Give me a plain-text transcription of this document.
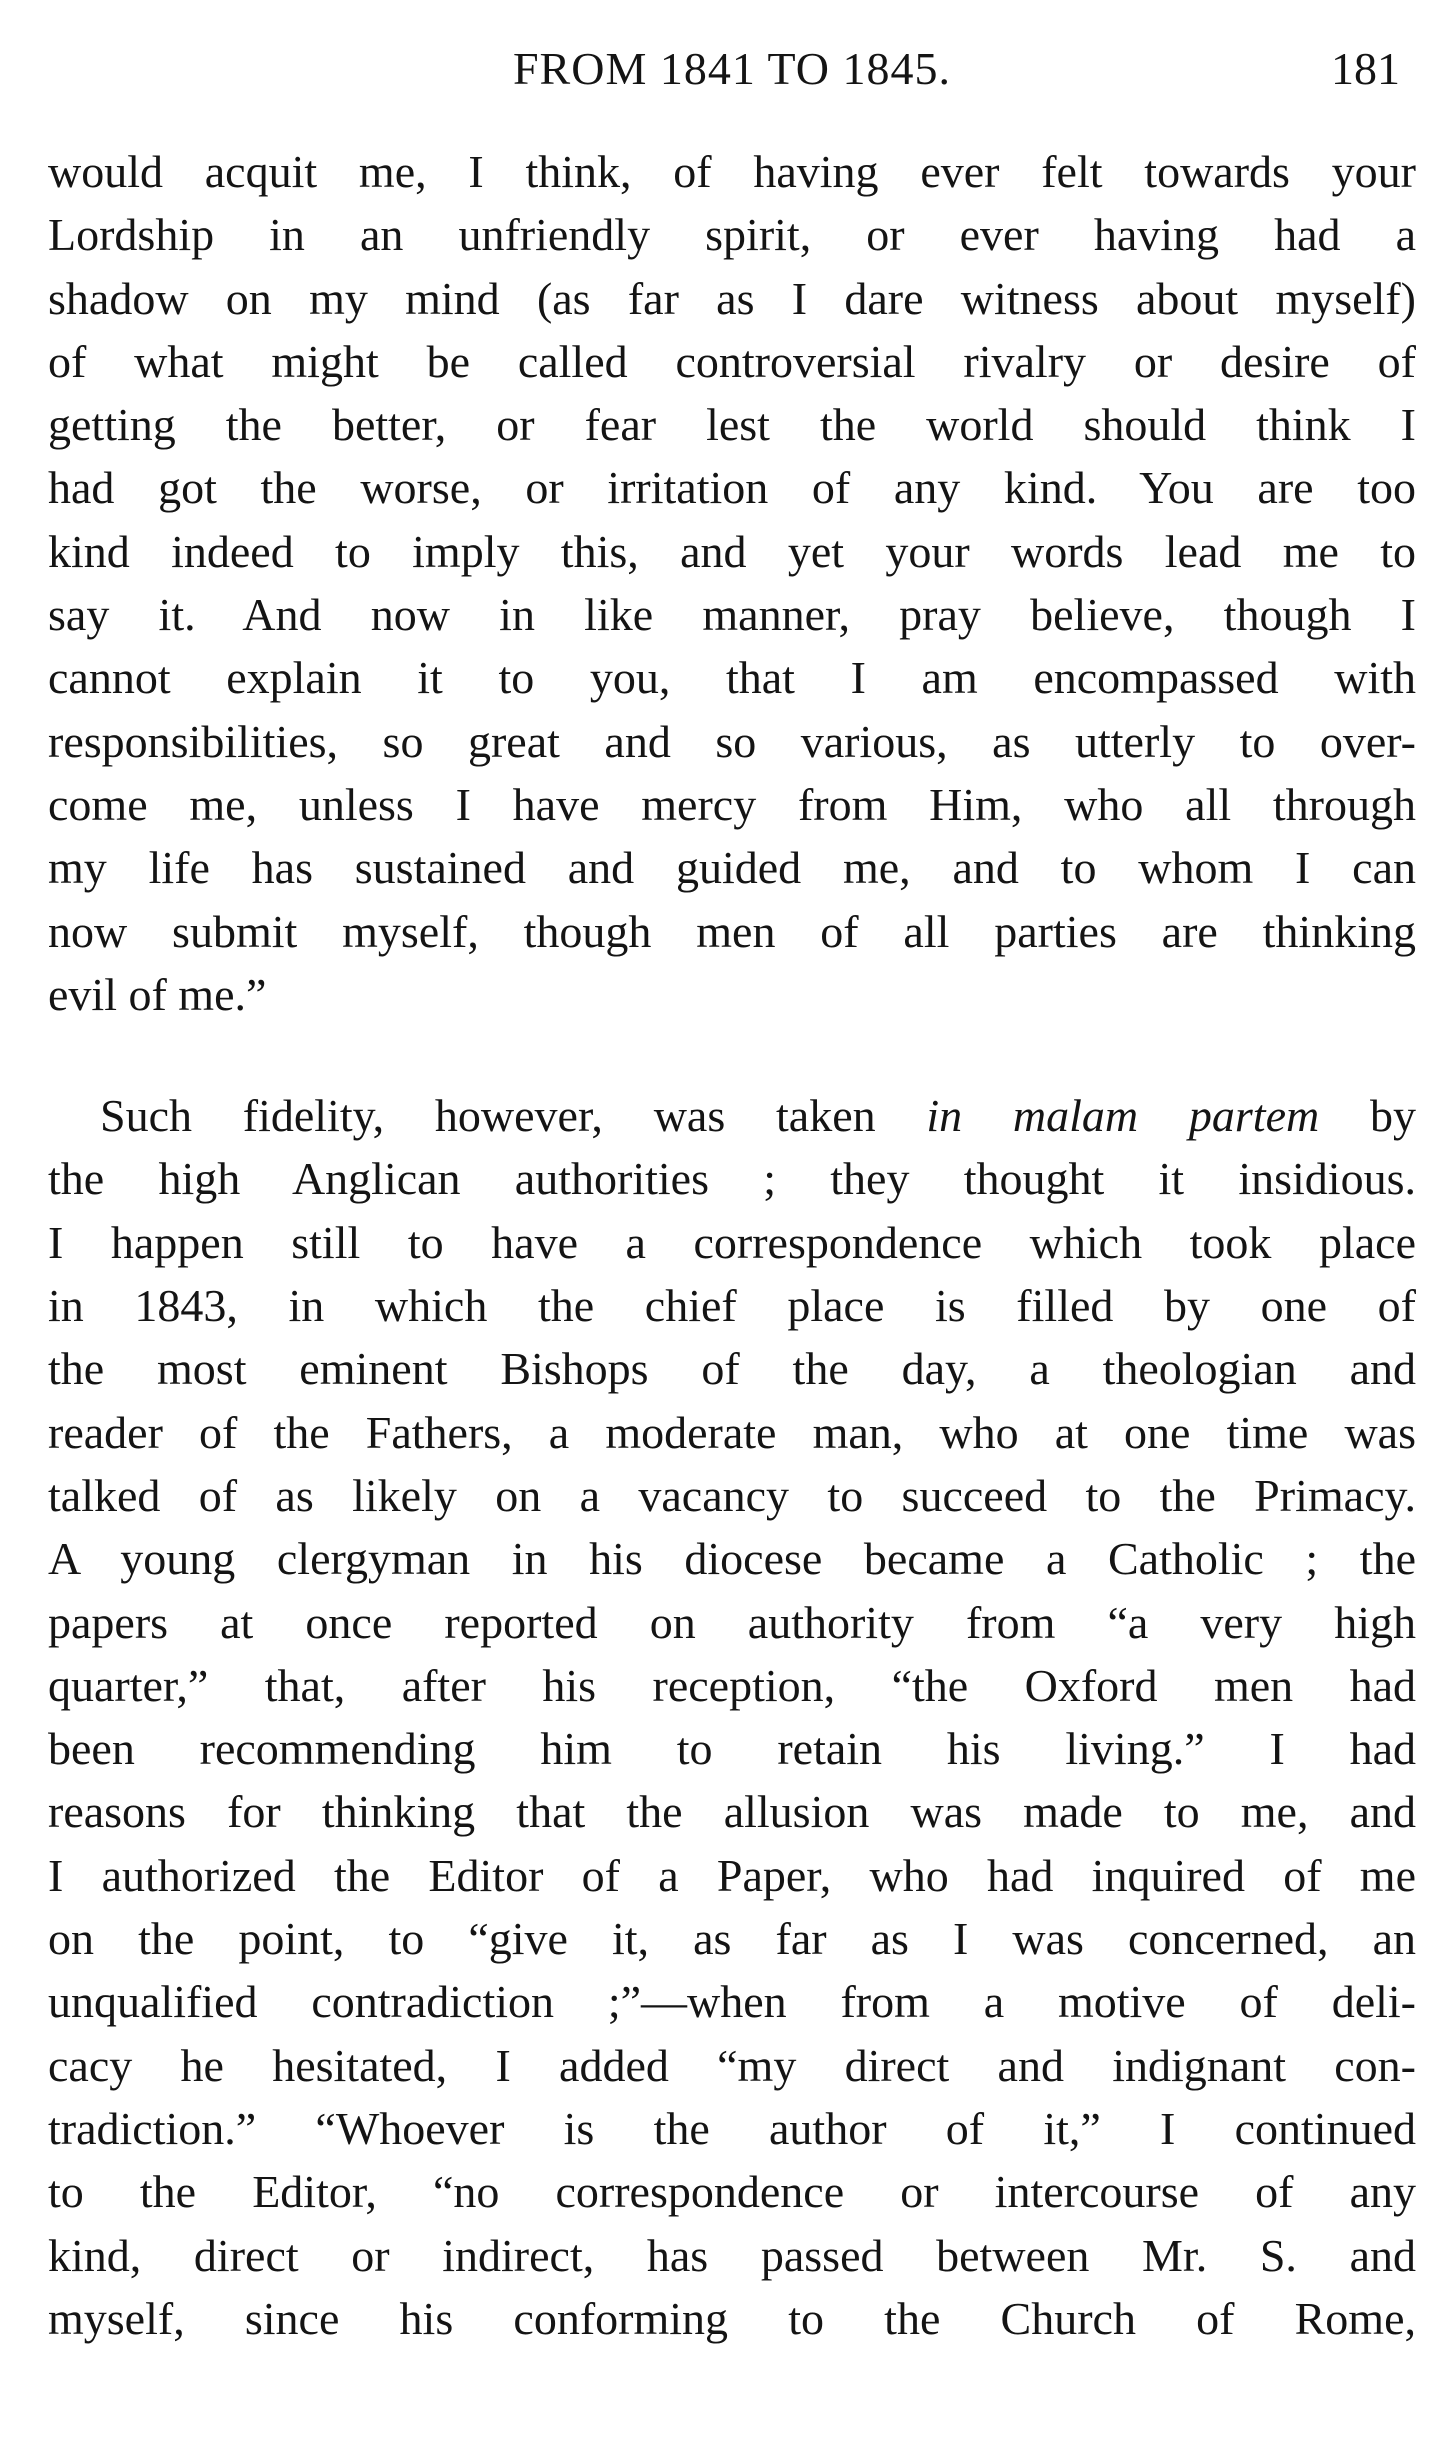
FROM 1841 TO 1845.	181
would acquit me, I think, of having ever felt towards your
Lordship in an unfriendly spirit, or ever having had a
shadow on my mind (as far as I dare witness about myself)
of what might be called controversial rivalry or desire of
getting the better, or fear lest the world should think I
had got the worse, or irritation of any kind. You are too
kind indeed to imply this, and yet your words lead me to
say it. And now in like manner, pray believe, though I
cannot explain it to you, that I am encompassed with
responsibilities, so great and so various, as utterly to over-
come me, unless I have mercy from Him, who all through
my life has sustained and guided me, and to whom I can
now submit myself, though men of all parties are thinking
evil of me.”
Such fidelity, however, was taken in malam partem by
the high Anglican authorities ; they thought it insidious.
I happen still to have a correspondence which took place
in 1843, in which the chief place is filled by one of
the most eminent Bishops of the day, a theologian and
reader of the Fathers, a moderate man, who at one time was
talked of as likely on a vacancy to succeed to the Primacy.
A young clergyman in his diocese became a Catholic ; the
papers at once reported on authority from “a very high
quarter,” that, after his reception, “the Oxford men had
been recommending him to retain his living.” I had
reasons for thinking that the allusion was made to me, and
I authorized the Editor of a Paper, who had inquired of me
on the point, to “give it, as far as I was concerned, an
unqualified contradiction ;”—when from a motive of deli-
cacy he hesitated, I added “my direct and indignant con-
tradiction.” “Whoever is the author of it,” I continued
to the Editor, “no correspondence or intercourse of any
kind, direct or indirect, has passed between Mr. S. and
myself, since his conforming to the Church of Rome,
